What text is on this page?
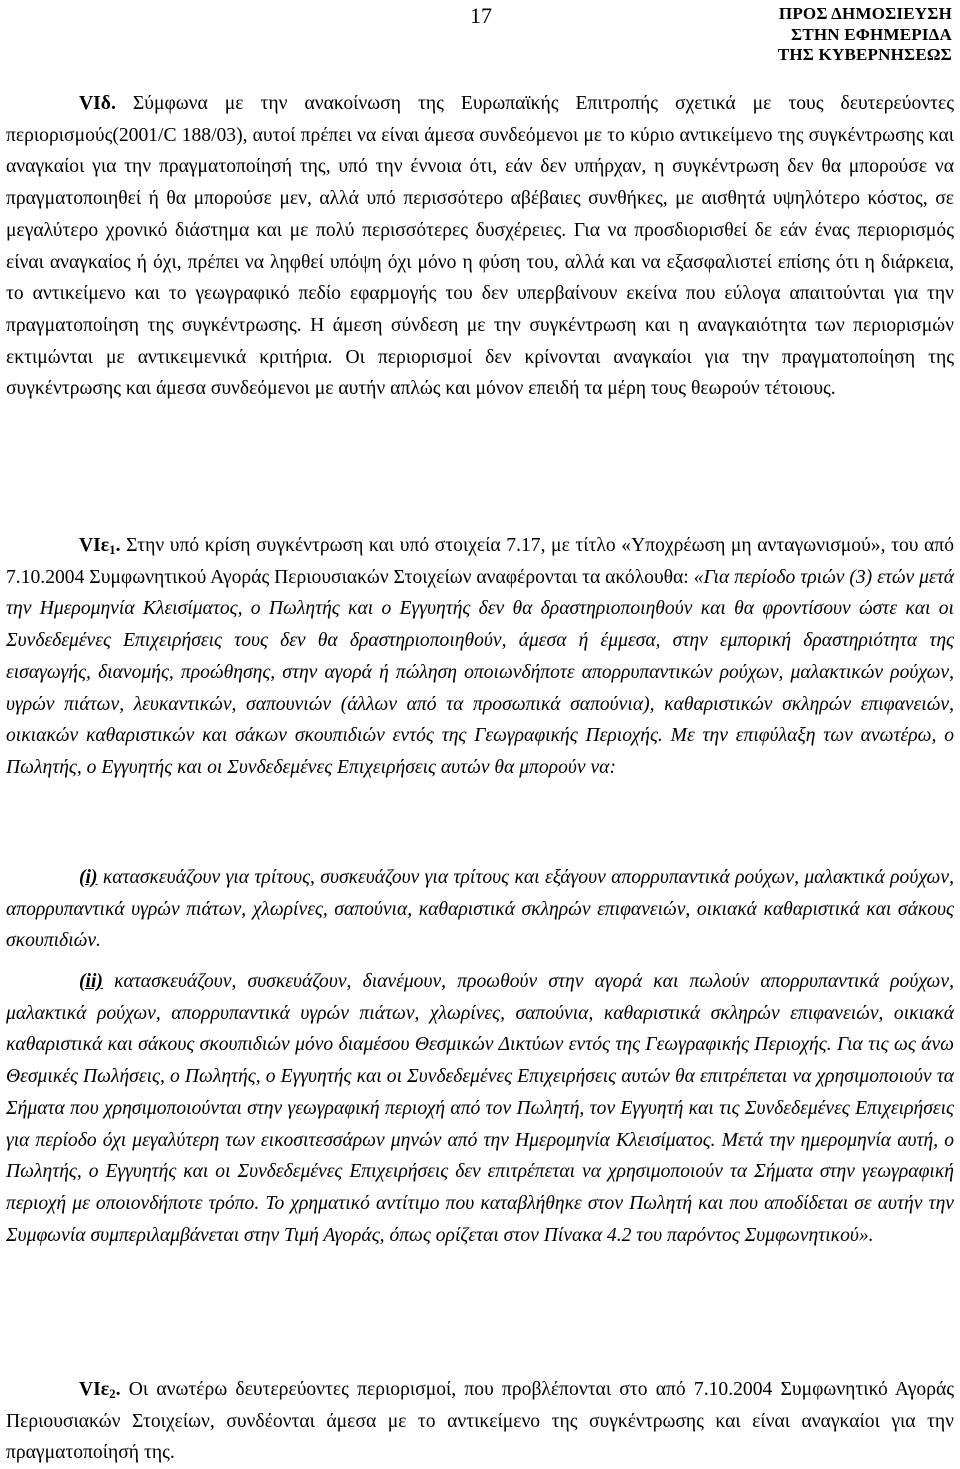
17	ΠΡΟΣ ΔΗΜΟΣΙΕΥΣΗ
ΣΤΗΝ ΕΦΗΜΕΡΙΔΑ
ΤΗΣ ΚΥΒΕΡΝΗΣΕΩΣ

VIδ. Σύμφωνα με την ανακοίνωση της Ευρωπαϊκής Επιτροπής σχετικά με τους δευτερεύοντες περιορισμούς(2001/C 188/03), αυτοί πρέπει να είναι άμεσα συνδεόμενοι με το κύριο αντικείμενο της συγκέντρωσης και αναγκαίοι για την πραγματοποίησή της, υπό την έννοια ότι, εάν δεν υπήρχαν, η συγκέντρωση δεν θα μπορούσε να πραγματοποιηθεί ή θα μπορούσε μεν, αλλά υπό περισσότερο αβέβαιες συνθήκες, με αισθητά υψηλότερο κόστος, σε μεγαλύτερο χρονικό διάστημα και με πολύ περισσότερες δυσχέρειες. Για να προσδιορισθεί δε εάν ένας περιορισμός είναι αναγκαίος ή όχι, πρέπει να ληφθεί υπόψη όχι μόνο η φύση του, αλλά και να εξασφαλιστεί επίσης ότι η διάρκεια, το αντικείμενο και το γεωγραφικό πεδίο εφαρμογής του δεν υπερβαίνουν εκείνα που εύλογα απαιτούνται για την πραγματοποίηση της συγκέντρωσης. Η άμεση σύνδεση με την συγκέντρωση και η αναγκαιότητα των περιορισμών εκτιμώνται με αντικειμενικά κριτήρια. Οι περιορισμοί δεν κρίνονται αναγκαίοι για την πραγματοποίηση της συγκέντρωσης και άμεσα συνδεόμενοι με αυτήν απλώς και μόνον επειδή τα μέρη τους θεωρούν τέτοιους.

VIε$_1$. Στην υπό κρίση συγκέντρωση και υπό στοιχεία 7.17, με τίτλο «Υποχρέωση μη ανταγωνισμού», του από 7.10.2004 Συμφωνητικού Αγοράς Περιουσιακών Στοιχείων αναφέρονται τα ακόλουθα: «Για περίοδο τριών (3) ετών μετά την Ημερομηνία Κλεισίματος, ο Πωλητής και ο Εγγυητής δεν θα δραστηριοποιηθούν και θα φροντίσουν ώστε και οι Συνδεδεμένες Επιχειρήσεις τους δεν θα δραστηριοποιηθούν, άμεσα ή έμμεσα, στην εμπορική δραστηριότητα της εισαγωγής, διανομής, προώθησης, στην αγορά ή πώληση οποιωνδήποτε απορρυπαντικών ρούχων, μαλακτικών ρούχων, υγρών πιάτων, λευκαντικών, σαπουνιών (άλλων από τα προσωπικά σαπούνια), καθαριστικών σκληρών επιφανειών, οικιακών καθαριστικών και σάκων σκουπιδιών εντός της Γεωγραφικής Περιοχής. Με την επιφύλαξη των ανωτέρω, ο Πωλητής, ο Εγγυητής και οι Συνδεδεμένες Επιχειρήσεις αυτών θα μπορούν να:

(i) κατασκευάζουν για τρίτους, συσκευάζουν για τρίτους και εξάγουν απορρυπαντικά ρούχων, μαλακτικά ρούχων, απορρυπαντικά υγρών πιάτων, χλωρίνες, σαπούνια, καθαριστικά σκληρών επιφανειών, οικιακά καθαριστικά και σάκους σκουπιδιών.

(ii) κατασκευάζουν, συσκευάζουν, διανέμουν, προωθούν στην αγορά και πωλούν απορρυπαντικά ρούχων, μαλακτικά ρούχων, απορρυπαντικά υγρών πιάτων, χλωρίνες, σαπούνια, καθαριστικά σκληρών επιφανειών, οικιακά καθαριστικά και σάκους σκουπιδιών μόνο διαμέσου Θεσμικών Δικτύων εντός της Γεωγραφικής Περιοχής. Για τις ως άνω Θεσμικές Πωλήσεις, ο Πωλητής, ο Εγγυητής και οι Συνδεδεμένες Επιχειρήσεις αυτών θα επιτρέπεται να χρησιμοποιούν τα Σήματα που χρησιμοποιούνται στην γεωγραφική περιοχή από τον Πωλητή, τον Εγγυητή και τις Συνδεδεμένες Επιχειρήσεις για περίοδο όχι μεγαλύτερη των εικοσιτεσσάρων μηνών από την Ημερομηνία Κλεισίματος. Μετά την ημερομηνία αυτή, ο Πωλητής, ο Εγγυητής και οι Συνδεδεμένες Επιχειρήσεις δεν επιτρέπεται να χρησιμοποιούν τα Σήματα στην γεωγραφική περιοχή με οποιονδήποτε τρόπο. Το χρηματικό αντίτιμο που καταβλήθηκε στον Πωλητή και που αποδίδεται σε αυτήν την Συμφωνία συμπεριλαμβάνεται στην Τιμή Αγοράς, όπως ορίζεται στον Πίνακα 4.2 του παρόντος Συμφωνητικού».

VIε$_2$. Οι ανωτέρω δευτερεύοντες περιορισμοί, που προβλέπονται στο από 7.10.2004 Συμφωνητικό Αγοράς Περιουσιακών Στοιχείων, συνδέονται άμεσα με το αντικείμενο της συγκέντρωσης και είναι αναγκαίοι για την πραγματοποίησή της.
